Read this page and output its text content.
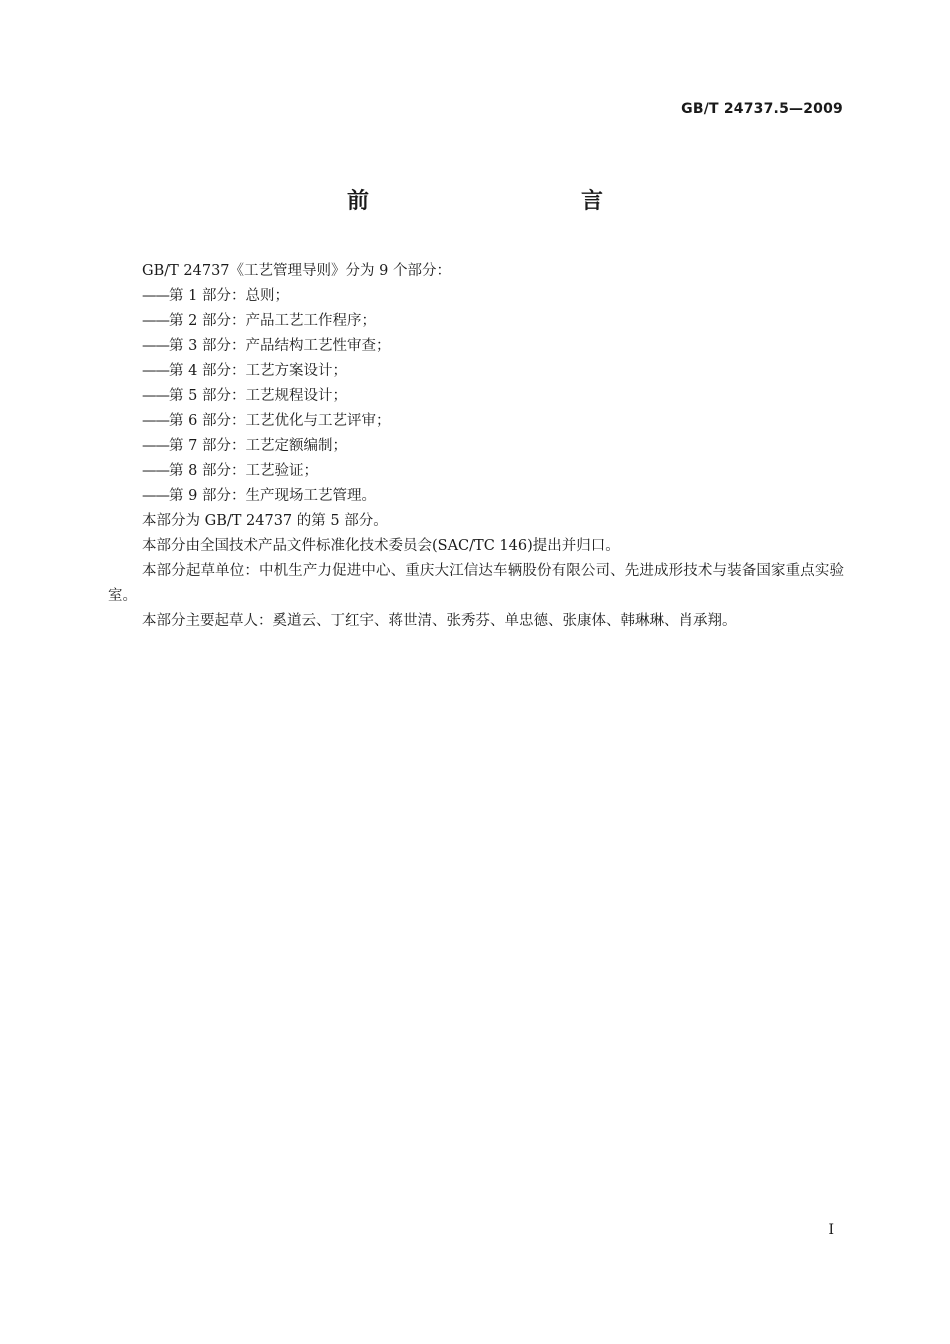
GB/T 24737.5—2009
前　　言

GB/T 24737《工艺管理导则》分为 9 个部分：

——第 1 部分：总则；
——第 2 部分：产品工艺工作程序；
——第 3 部分：产品结构工艺性审查；
——第 4 部分：工艺方案设计；
——第 5 部分：工艺规程设计；
——第 6 部分：工艺优化与工艺评审；
——第 7 部分：工艺定额编制；
——第 8 部分：工艺验证；
——第 9 部分：生产现场工艺管理。

本部分为 GB/T 24737 的第 5 部分。

本部分由全国技术产品文件标准化技术委员会(SAC/TC 146)提出并归口。

本部分起草单位：中机生产力促进中心、重庆大江信达车辆股份有限公司、先进成形技术与装备国家重点实验室。

本部分主要起草人：奚道云、丁红宇、蒋世清、张秀芬、单忠德、张康体、韩琳琳、肖承翔。

I
